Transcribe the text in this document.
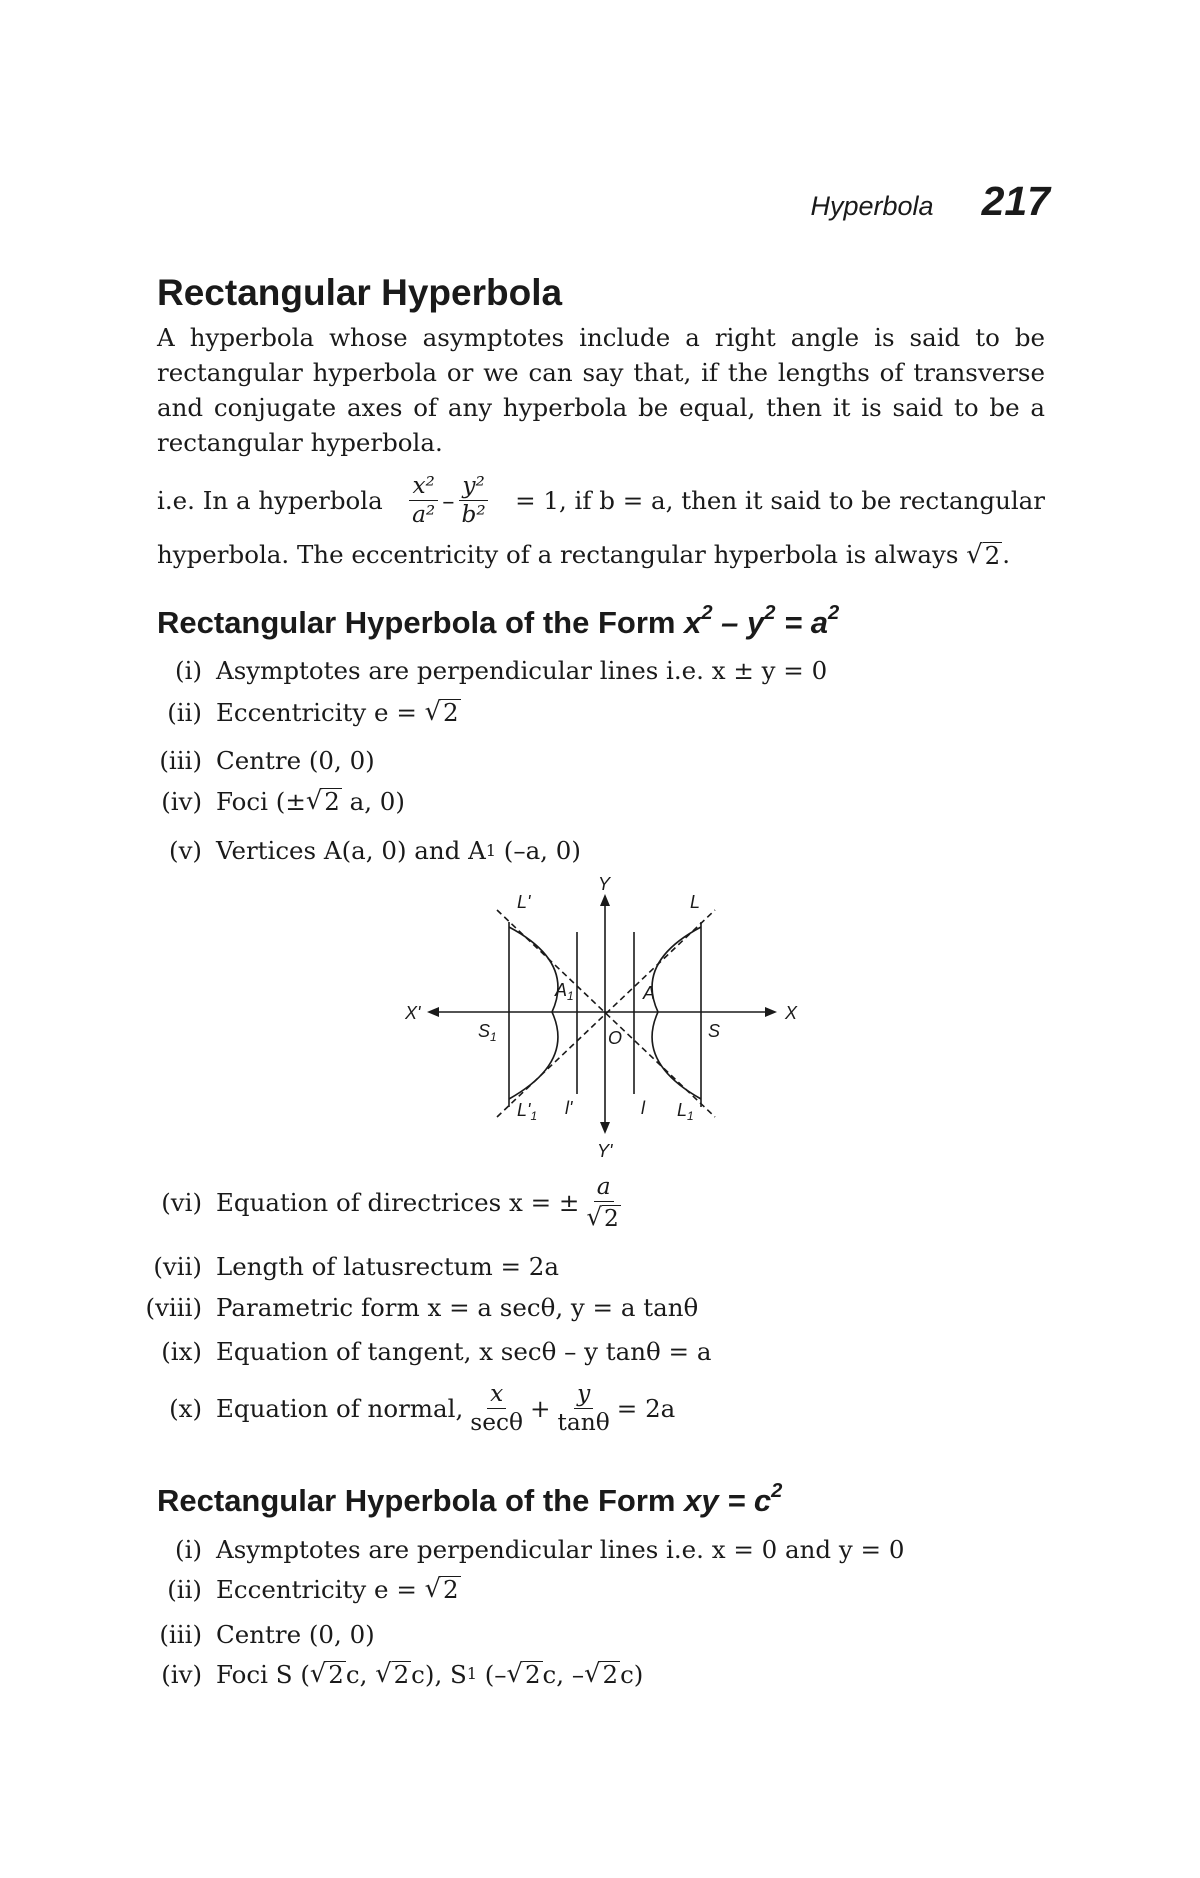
Hyperbola 217
Rectangular Hyperbola
A hyperbola whose asymptotes include a right angle is said to be rectangular hyperbola or we can say that, if the lengths of transverse and conjugate axes of any hyperbola be equal, then it is said to be a rectangular hyperbola.
i.e. In a hyperbola $\frac{\text{x²}}{\text{a²}} - \frac{\text{y²}}{\text{b²}} = 1$, if b = a, then it said to be rectangular
hyperbola. The eccentricity of a rectangular hyperbola is always √ 2 .
Rectangular Hyperbola of the Form $x^2 - y^2 = a^2$
(i) Asymptotes are perpendicular lines i.e. x ± y = 0
(ii) Eccentricity e =
√ 2
(iii) Centre (0, 0)
(iv) Foci (± √ 2
a, 0)
(v) Vertices A(a, 0) and A 1
(–a, 0)
Y
Y'
X
X'
L
L'
$L_1$
$L'_1$
A
$A_1$
S
$S_1$	O
l
l'
(vi) Equation of directrices x = ± $\frac{a}{√ 2}$
(vii) Length of latusrectum = 2a
(viii) Parametric form x = a secθ, y = a tanθ
(ix) Equation of tangent, x secθ – y tanθ = a
(x) Equation of normal, $\frac{x}{\sec\theta} + \frac{y}{\tan\theta} = 2a$
Rectangular Hyperbola of the Form xy = $c^2$
(i) Asymptotes are perpendicular lines i.e. x = 0 and y = 0
(ii) Eccentricity e =
√ 2
(iii) Centre (0, 0)
(iv) Foci S ( √ 2 c,
√ 2 c), S 1
(– √ 2 c, – √ 2 c)
